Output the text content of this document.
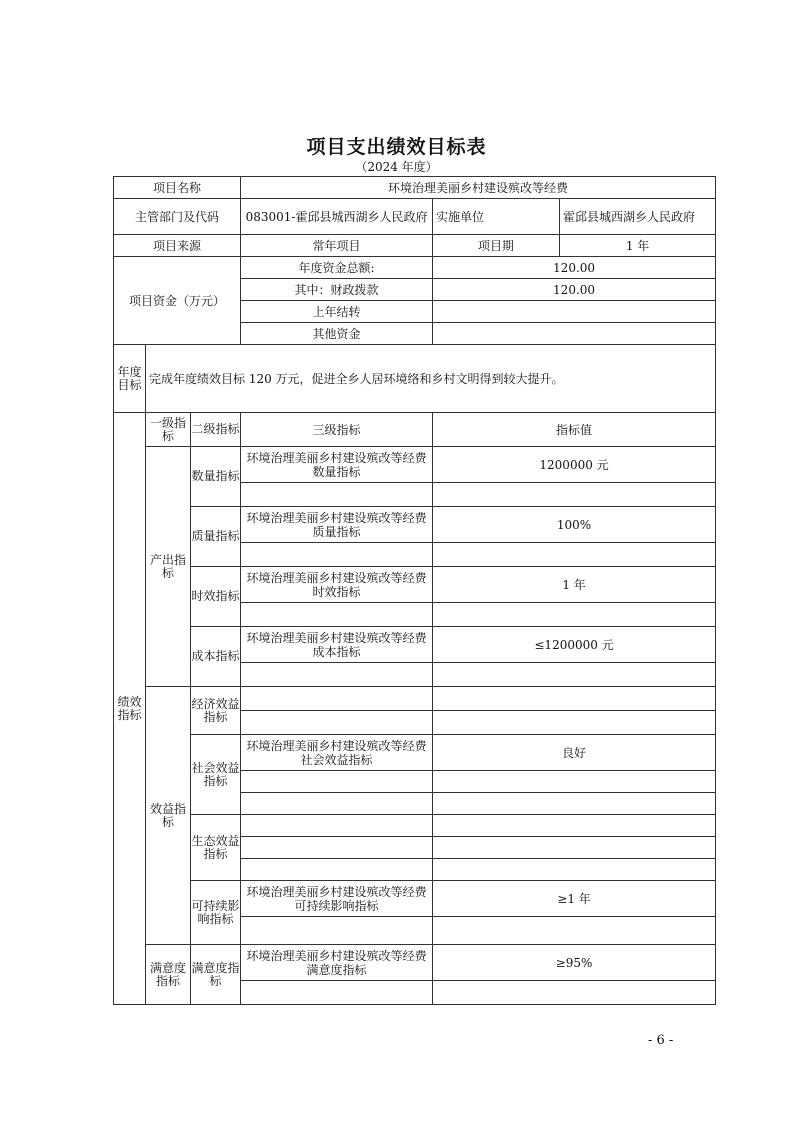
项目支出绩效目标表
（2024 年度）
项目名称			环境治理美丽乡村建设殡改等经费		
主管部门及代码			083001-霍邱县城西湖乡人民政府	实施单位	霍邱县城西湖乡人民政府
项目来源			常年项目	项目期	1 年
项目资金（万元）			年度资金总额:	120.00	
			其中：财政拨款	120.00	
			上年结转		
			其他资金		
年度目标	完成年度绩效目标 120 万元，促进全乡人居环境络和乡村文明得到较大提升。				
绩效指标	一级指标	二级指标	三级指标	指标值	
	产出指标	数量指标	环境治理美丽乡村建设殡改等经费数量指标	1200000 元	

		质量指标	环境治理美丽乡村建设殡改等经费质量指标	100%	

		时效指标	环境治理美丽乡村建设殡改等经费时效指标	1 年	

		成本指标	环境治理美丽乡村建设殡改等经费成本指标	≤1200000 元	

	效益指标	经济效益指标			

		社会效益指标	环境治理美丽乡村建设殡改等经费社会效益指标	良好	

		生态效益指标			

		可持续影响指标	环境治理美丽乡村建设殡改等经费可持续影响指标	≥1 年	

	满意度指标	满意度指标	环境治理美丽乡村建设殡改等经费满意度指标	≥95%	

- 6 -
